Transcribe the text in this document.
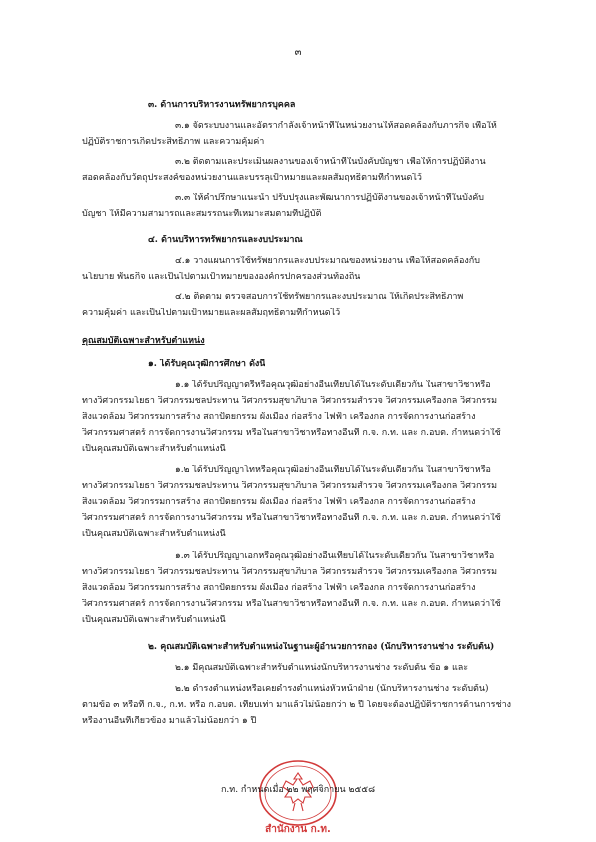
๓
๓. ด้านการบริหารงานทรัพยากรบุคคล
๓.๑ จัดระบบงานและอัตรากำลังเจ้าหน้าที่ในหน่วยงานให้สอดคล้องกับภารกิจ เพื่อให้
ปฏิบัติราชการเกิดประสิทธิภาพ และความคุ้มค่า
๓.๒ ติดตามและประเมินผลงานของเจ้าหน้าที่ในบังคับบัญชา เพื่อให้การปฏิบัติงาน
สอดคล้องกับวัตถุประสงค์ของหน่วยงานและบรรลุเป้าหมายและผลสัมฤทธิ์ตามที่กำหนดไว้
๓.๓ ให้คำปรึกษาแนะนำ ปรับปรุงและพัฒนาการปฏิบัติงานของเจ้าหน้าที่ในบังคับ
บัญชา ให้มีความสามารถและสมรรถนะที่เหมาะสมตามที่ปฏิบัติ
๔. ด้านบริหารทรัพยากรและงบประมาณ
๔.๑ วางแผนการใช้ทรัพยากรและงบประมาณของหน่วยงาน เพื่อให้สอดคล้องกับ
นโยบาย พันธกิจ และเป็นไปตามเป้าหมายขององค์กรปกครองส่วนท้องถิ่น
๔.๒ ติดตาม ตรวจสอบการใช้ทรัพยากรและงบประมาณ ให้เกิดประสิทธิภาพ
ความคุ้มค่า และเป็นไปตามเป้าหมายและผลสัมฤทธิ์ตามที่กำหนดไว้
คุณสมบัติเฉพาะสำหรับตำแหน่ง
๑. ได้รับคุณวุฒิการศึกษา ดังนี้
๑.๑ ได้รับปริญญาตรีหรือคุณวุฒิอย่างอื่นเทียบได้ในระดับเดียวกัน ในสาขาวิชาหรือ
ทางวิศวกรรมโยธา วิศวกรรมชลประทาน วิศวกรรมสุขาภิบาล วิศวกรรมสำรวจ วิศวกรรมเครื่องกล วิศวกรรม
สิ่งแวดล้อม วิศวกรรมการสร้าง สถาปัตยกรรม ผังเมือง ก่อสร้าง ไฟฟ้า เครื่องกล การจัดการงานก่อสร้าง
วิศวกรรมศาสตร์ การจัดการงานวิศวกรรม หรือในสาขาวิชาหรือทางอื่นที่ ก.จ. ก.ท. และ ก.อบต. กำหนดว่าใช้
เป็นคุณสมบัติเฉพาะสำหรับตำแหน่งนี้
๑.๒ ได้รับปริญญาโทหรือคุณวุฒิอย่างอื่นเทียบได้ในระดับเดียวกัน ในสาขาวิชาหรือ
ทางวิศวกรรมโยธา วิศวกรรมชลประทาน วิศวกรรมสุขาภิบาล วิศวกรรมสำรวจ วิศวกรรมเครื่องกล วิศวกรรม
สิ่งแวดล้อม วิศวกรรมการสร้าง สถาปัตยกรรม ผังเมือง ก่อสร้าง ไฟฟ้า เครื่องกล การจัดการงานก่อสร้าง
วิศวกรรมศาสตร์ การจัดการงานวิศวกรรม หรือในสาขาวิชาหรือทางอื่นที่ ก.จ. ก.ท. และ ก.อบต. กำหนดว่าใช้
เป็นคุณสมบัติเฉพาะสำหรับตำแหน่งนี้
๑.๓ ได้รับปริญญาเอกหรือคุณวุฒิอย่างอื่นเทียบได้ในระดับเดียวกัน ในสาขาวิชาหรือ
ทางวิศวกรรมโยธา วิศวกรรมชลประทาน วิศวกรรมสุขาภิบาล วิศวกรรมสำรวจ วิศวกรรมเครื่องกล วิศวกรรม
สิ่งแวดล้อม วิศวกรรมการสร้าง สถาปัตยกรรม ผังเมือง ก่อสร้าง ไฟฟ้า เครื่องกล การจัดการงานก่อสร้าง
วิศวกรรมศาสตร์ การจัดการงานวิศวกรรม หรือในสาขาวิชาหรือทางอื่นที่ ก.จ. ก.ท. และ ก.อบต. กำหนดว่าใช้
เป็นคุณสมบัติเฉพาะสำหรับตำแหน่งนี้
๒. คุณสมบัติเฉพาะสำหรับตำแหน่งในฐานะผู้อำนวยการกอง (นักบริหารงานช่าง ระดับต้น)
๒.๑ มีคุณสมบัติเฉพาะสำหรับตำแหน่งนักบริหารงานช่าง ระดับต้น ข้อ ๑ และ
๒.๒ ดำรงตำแหน่งหรือเคยดำรงตำแหน่งหัวหน้าฝ่าย (นักบริหารงานช่าง ระดับต้น)
ตามข้อ ๓ หรือที่ ก.จ., ก.ท. หรือ ก.อบต. เทียบเท่า มาแล้วไม่น้อยกว่า ๒ ปี โดยจะต้องปฏิบัติราชการด้านการช่าง
หรืองานอื่นที่เกี่ยวข้อง มาแล้วไม่น้อยกว่า ๑ ปี
สำนักงาน ก.ท.
ก.ท. กำหนดเมื่อ ๒๒ พฤศจิกายน ๒๕๕๘
